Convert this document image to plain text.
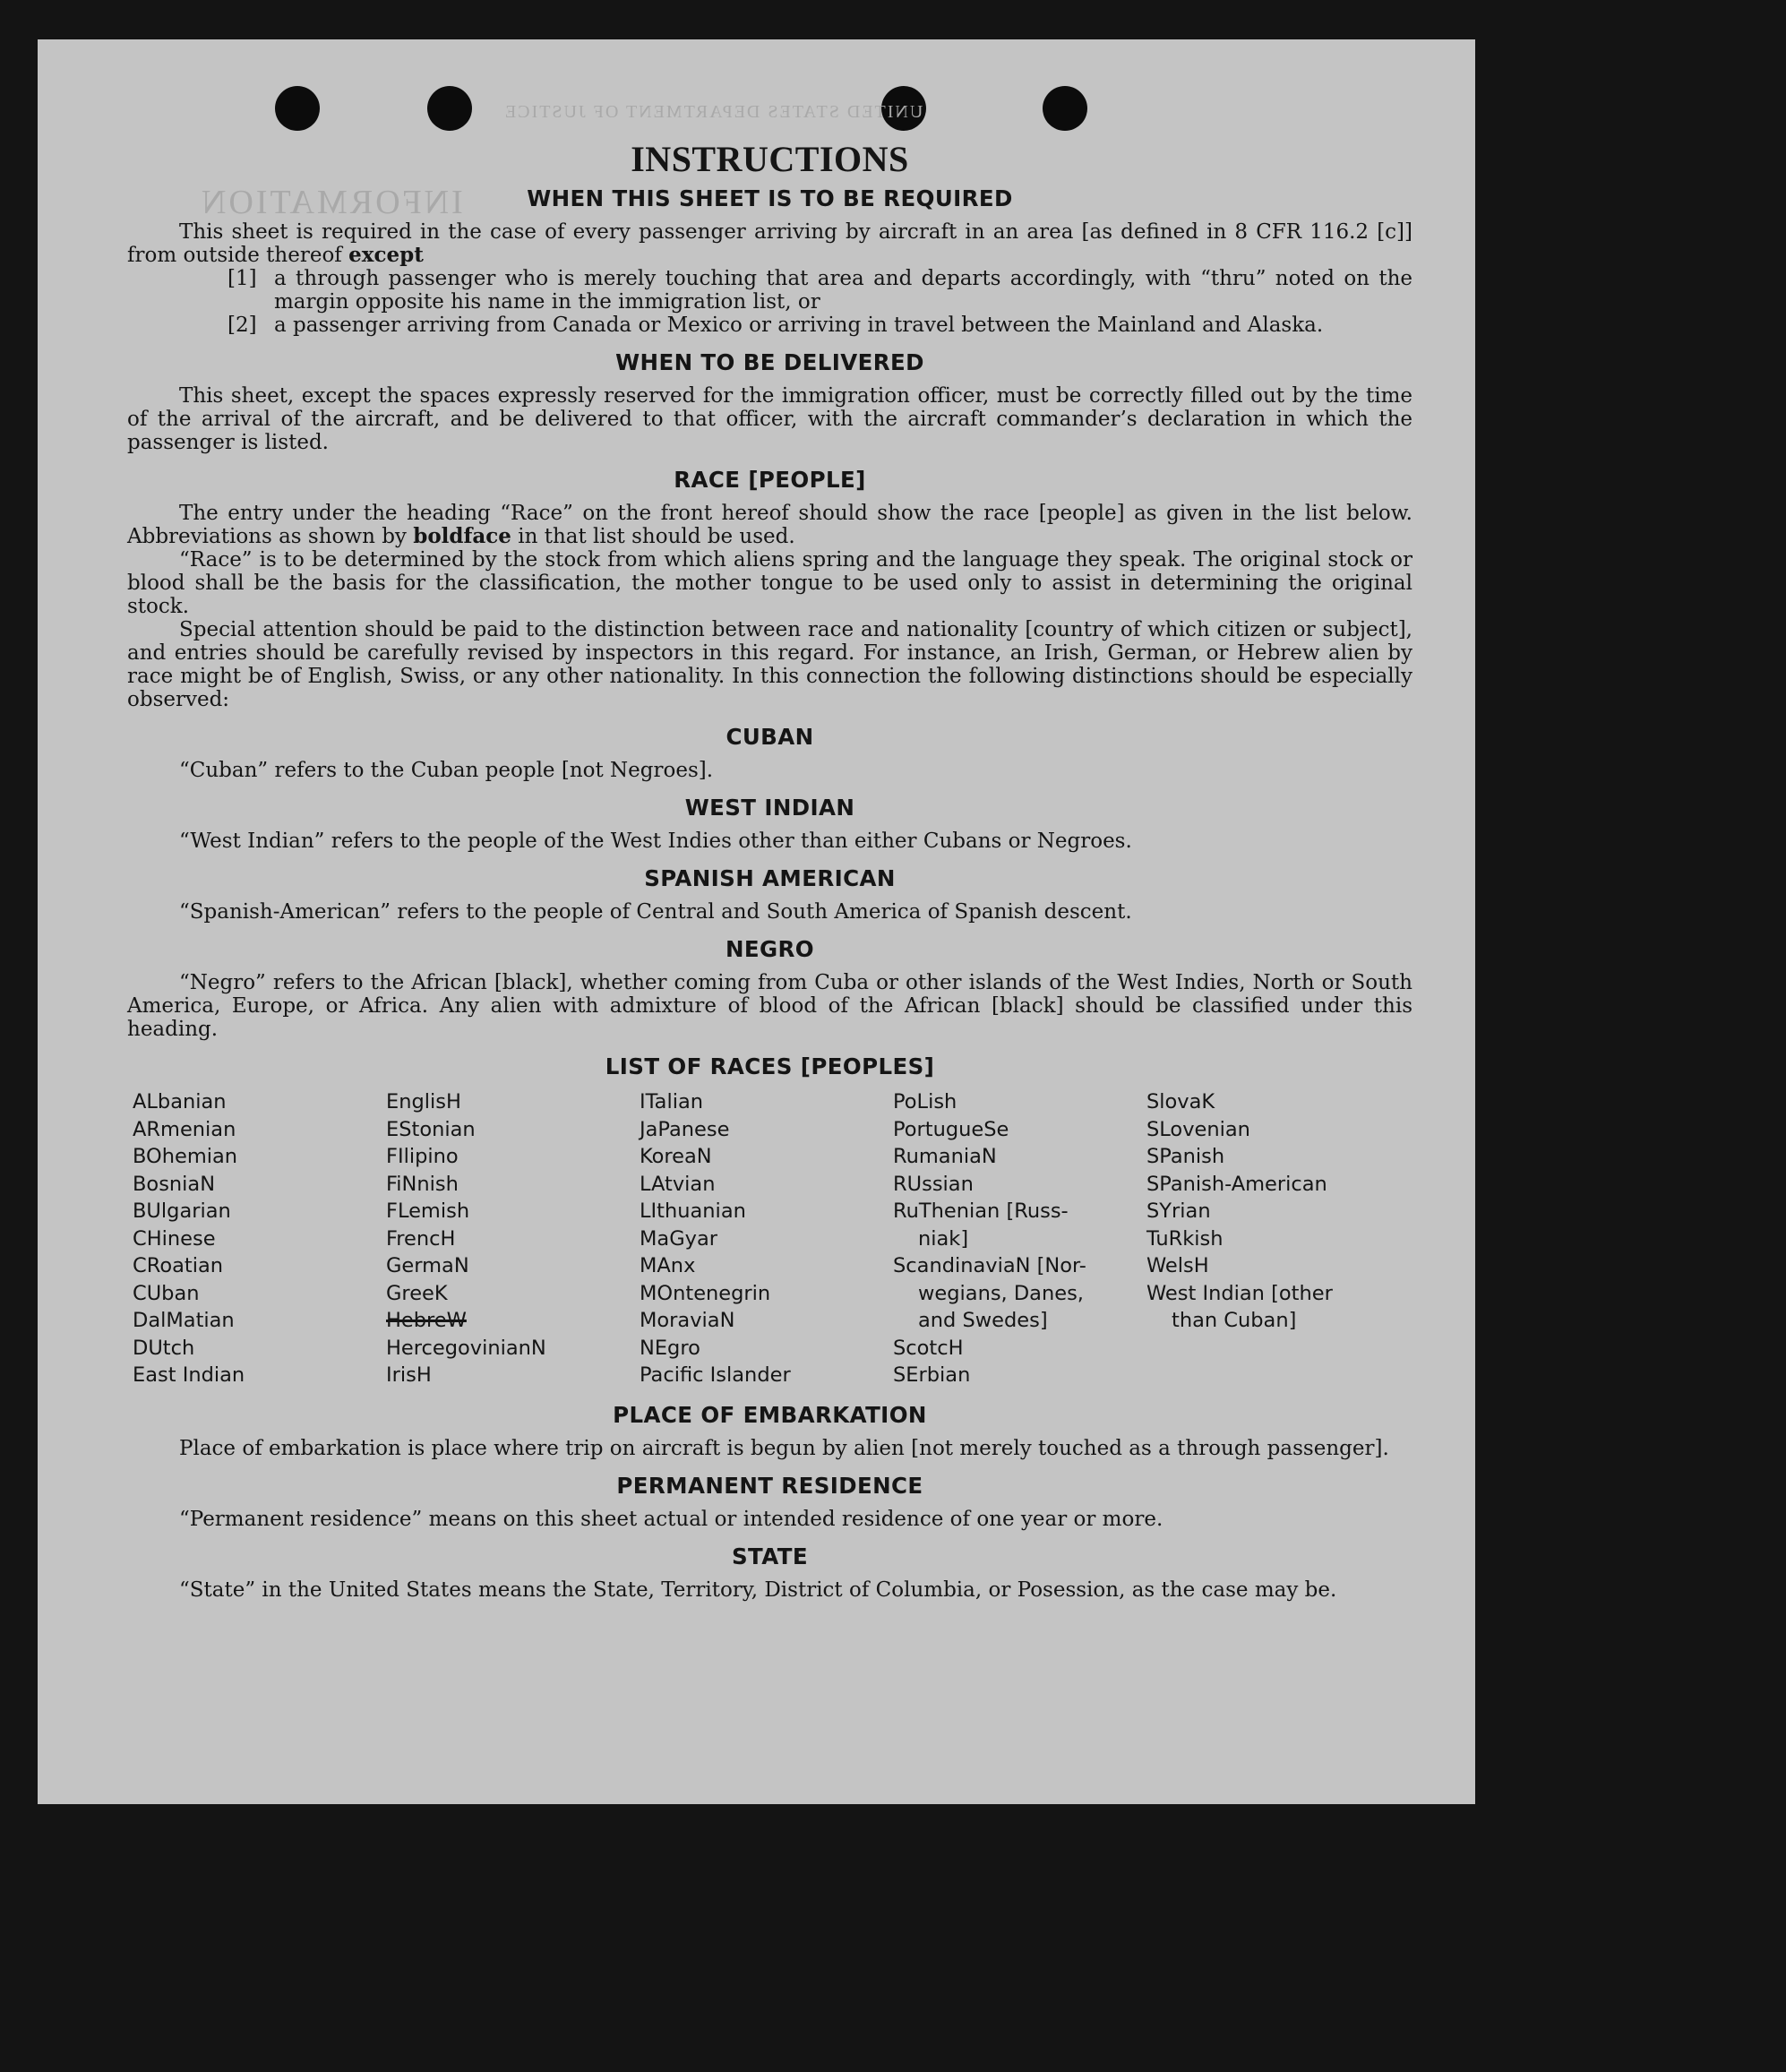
UNITED STATES DEPARTMENT OF JUSTICE
INFORMATION
INSTRUCTIONS
WHEN THIS SHEET IS TO BE REQUIRED

This sheet is required in the case of every passenger arriving by aircraft in an area [as defined in 8 CFR 116.2 [c]] from outside thereof except

[1] a through passenger who is merely touching that area and departs accordingly, with “thru” noted on the margin opposite his name in the immigration list, or
[2] a passenger arriving from Canada or Mexico or arriving in travel between the Mainland and Alaska.
WHEN TO BE DELIVERED

This sheet, except the spaces expressly reserved for the immigration officer, must be correctly filled out by the time of the arrival of the aircraft, and be delivered to that officer, with the aircraft commander’s declaration in which the passenger is listed.

RACE [PEOPLE]

The entry under the heading “Race” on the front hereof should show the race [people] as given in the list below. Abbreviations as shown by boldface in that list should be used.

“Race” is to be determined by the stock from which aliens spring and the language they speak. The original stock or blood shall be the basis for the classification, the mother tongue to be used only to assist in determining the original stock.

Special attention should be paid to the distinction between race and nationality [country of which citizen or subject], and entries should be carefully revised by inspectors in this regard. For instance, an Irish, German, or Hebrew alien by race might be of English, Swiss, or any other nationality. In this connection the following distinctions should be especially observed:

CUBAN

“Cuban” refers to the Cuban people [not Negroes].

WEST INDIAN

“West Indian” refers to the people of the West Indies other than either Cubans or Negroes.

SPANISH AMERICAN

“Spanish-American” refers to the people of Central and South America of Spanish descent.

NEGRO

“Negro” refers to the African [black], whether coming from Cuba or other islands of the West Indies, North or South America, Europe, or Africa. Any alien with admixture of blood of the African [black] should be classified under this heading.

LIST OF RACES [PEOPLES]
ALbanian
ARmenian
BOhemian
BosniaN
BUlgarian
CHinese
CRoatian
CUban
DalMatian
DUtch
East Indian
EnglisH
EStonian
FIlipino
FiNnish
FLemish
FrencH
GermaN
GreeK
HebreW
HercegovinianN
IrisH
ITalian
JaPanese
KoreaN
LAtvian
LIthuanian
MaGyar
MAnx
MOntenegrin
MoraviaN
NEgro
Pacific Islander
PoLish
PortugueSe
RumaniaN
RUssian
RuThenian [Russ-
niak]
ScandinaviaN [Nor-
wegians, Danes,
and Swedes]
ScotcH
SErbian
SlovaK
SLovenian
SPanish
SPanish-American
SYrian
TuRkish
WelsH
West Indian [other
than Cuban]
PLACE OF EMBARKATION

Place of embarkation is place where trip on aircraft is begun by alien [not merely touched as a through passenger].

PERMANENT RESIDENCE

“Permanent residence” means on this sheet actual or intended residence of one year or more.

STATE

“State” in the United States means the State, Territory, District of Columbia, or Posession, as the case may be.
